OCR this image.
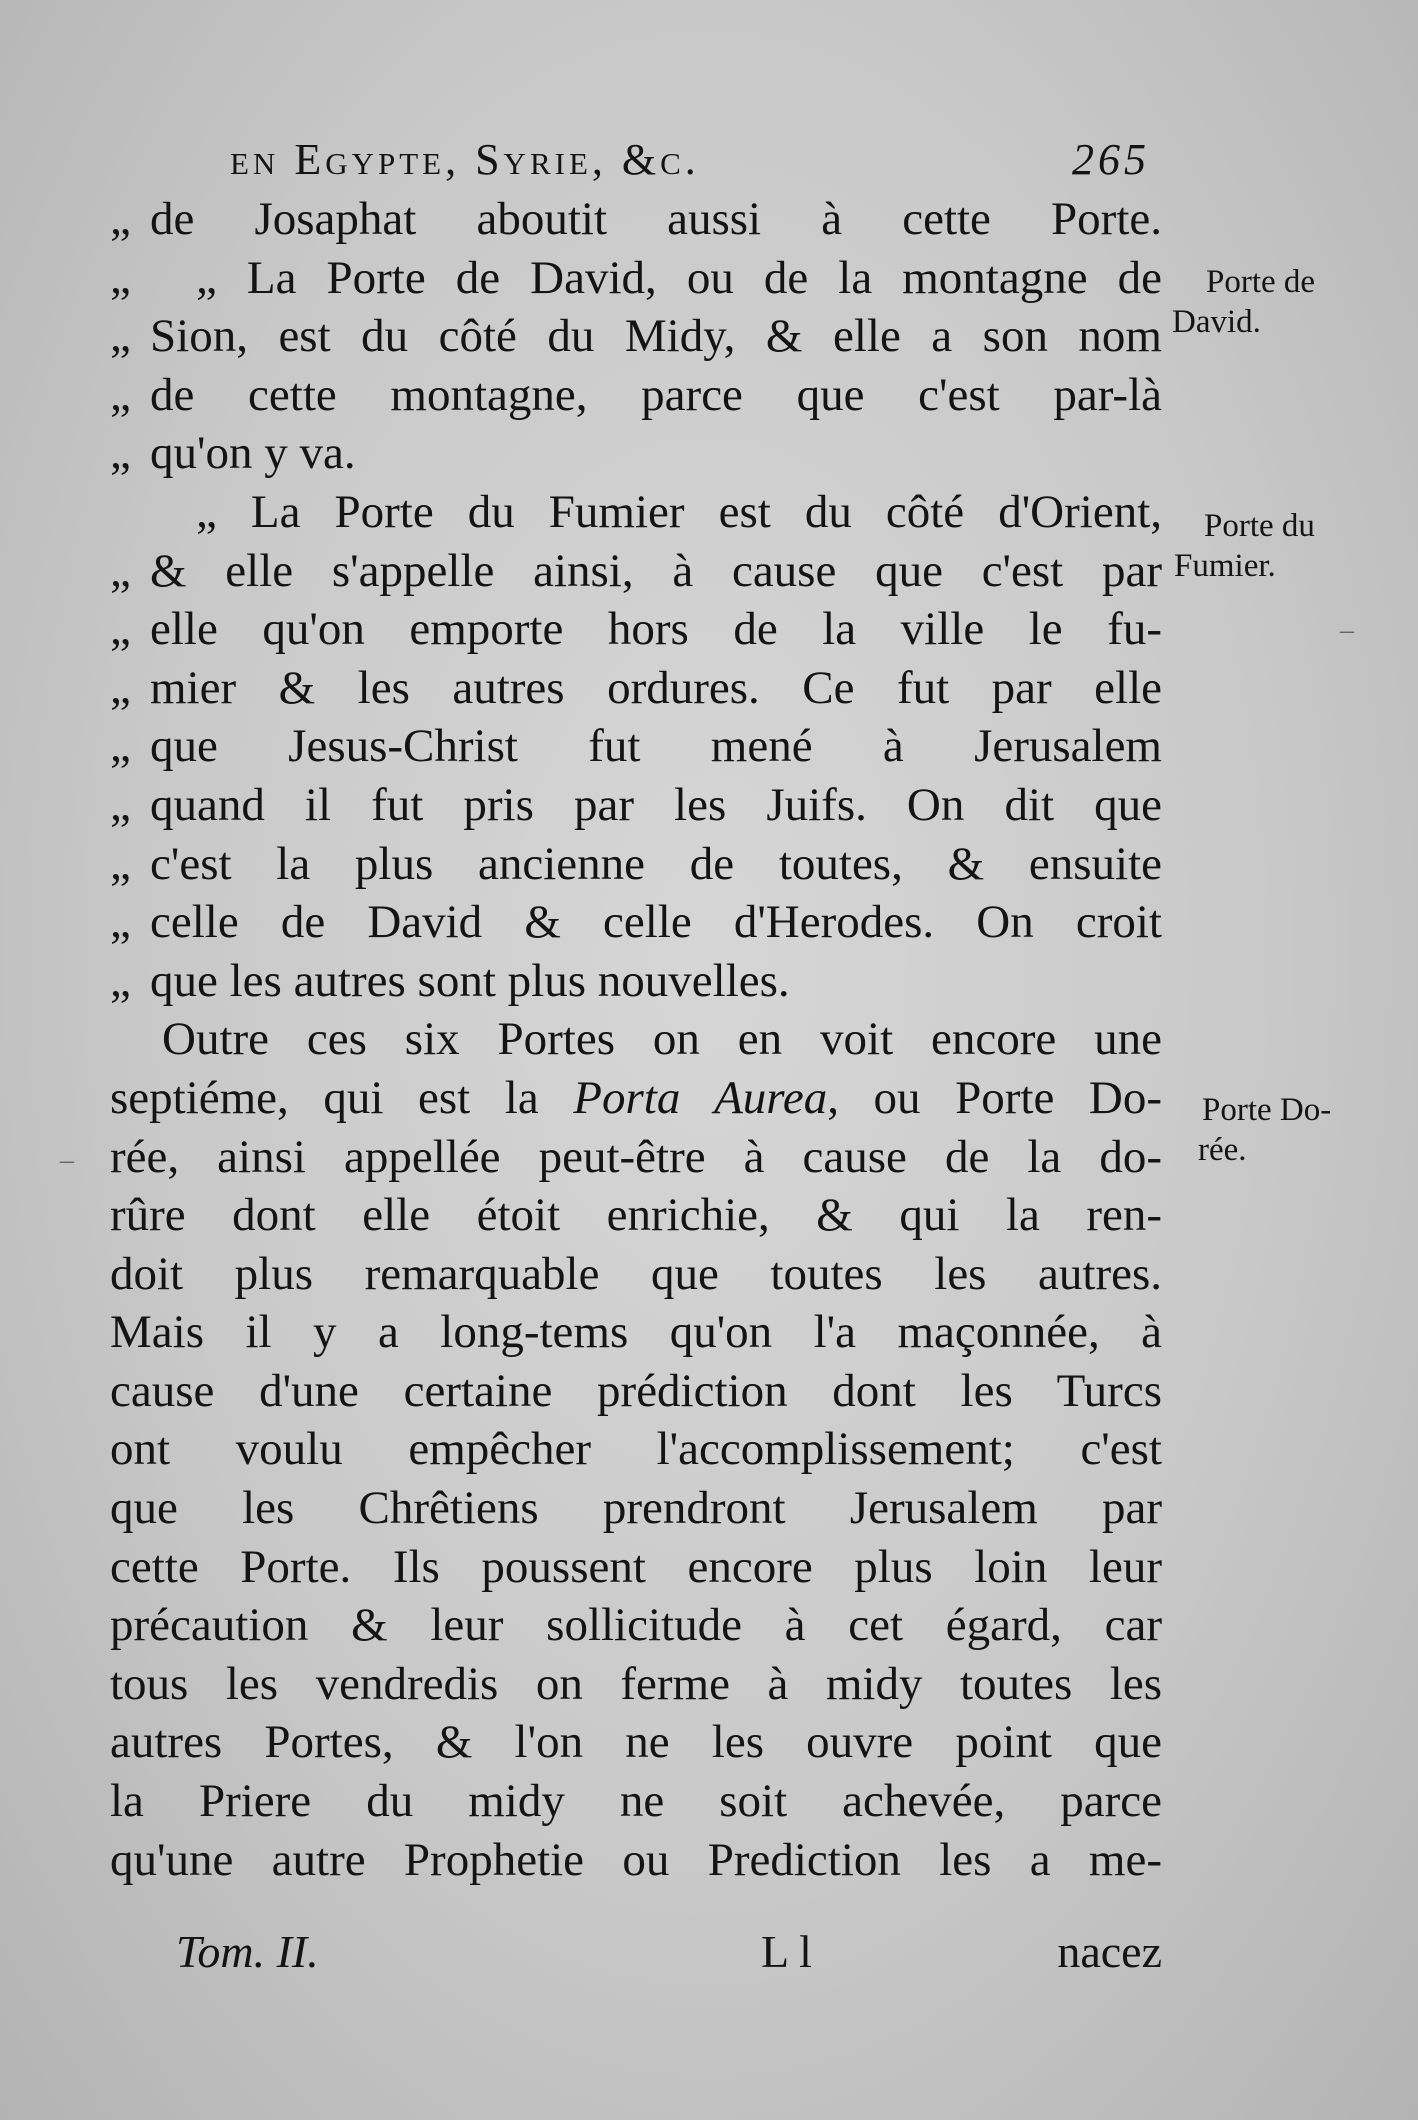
en Egypte, Syrie, &c.	265
„ de Josaphat aboutit aussi à cette Porte.
„	„ La Porte de David, ou de la montagne de
„ Sion, est du côté du Midy, & elle a son nom
„ de cette montagne, parce que c'est par-là
„ qu'on y va.
„ La Porte du Fumier est du côté d'Orient,
„ & elle s'appelle ainsi, à cause que c'est par
„ elle qu'on emporte hors de la ville le fu-
„ mier & les autres ordures. Ce fut par elle
„ que Jesus-Christ fut mené à Jerusalem
„ quand il fut pris par les Juifs. On dit que
„ c'est la plus ancienne de toutes, & ensuite
„ celle de David & celle d'Herodes. On croit
„ que les autres sont plus nouvelles.
Outre ces six Portes on en voit encore une
septiéme, qui est la Porta Aurea, ou Porte Do-
rée, ainsi appellée peut-être à cause de la do-
rûre dont elle étoit enrichie, & qui la ren-
doit plus remarquable que toutes les autres.
Mais il y a long-tems qu'on l'a maçonnée, à
cause d'une certaine prédiction dont les Turcs
ont voulu empêcher l'accomplissement; c'est
que les Chrêtiens prendront Jerusalem par
cette Porte. Ils poussent encore plus loin leur
précaution & leur sollicitude à cet égard, car
tous les vendredis on ferme à midy toutes les
autres Portes, & l'on ne les ouvre point que
la Priere du midy ne soit achevée, parce
qu'une autre Prophetie ou Prediction les a me-
Porte de
David.
Porte du
Fumier.
Porte Do-
rée.
–
–
Tom. II.	Ll	nacez
